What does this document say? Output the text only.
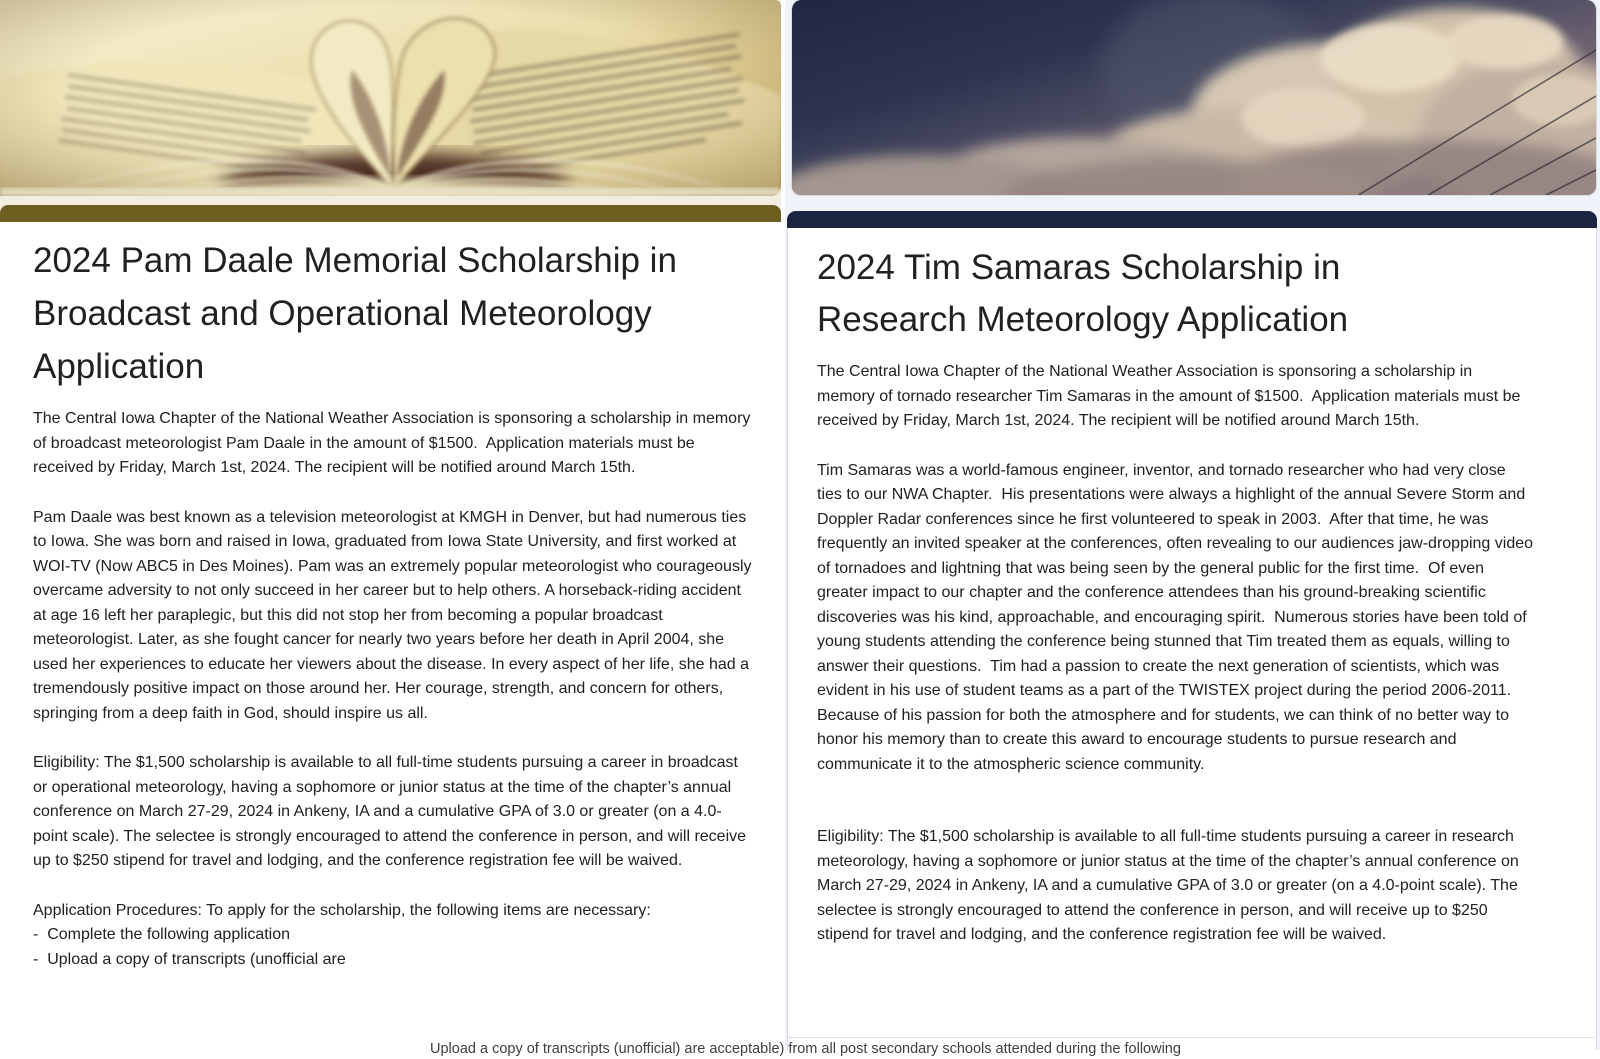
2024 Pam Daale Memorial Scholarship in Broadcast and Operational Meteorology Application

The Central Iowa Chapter of the National Weather Association is sponsoring a scholarship in memory of broadcast meteorologist Pam Daale in the amount of $1500.  Application materials must be received by Friday, March 1st, 2024. The recipient will be notified around March 15th.

Pam Daale was best known as a television meteorologist at KMGH in Denver, but had numerous ties to Iowa. She was born and raised in Iowa, graduated from Iowa State University, and first worked at WOI-TV (Now ABC5 in Des Moines). Pam was an extremely popular meteorologist who courageously overcame adversity to not only succeed in her career but to help others. A horseback-riding accident at age 16 left her paraplegic, but this did not stop her from becoming a popular broadcast meteorologist. Later, as she fought cancer for nearly two years before her death in April 2004, she used her experiences to educate her viewers about the disease. In every aspect of her life, she had a tremendously positive impact on those around her. Her courage, strength, and concern for others, springing from a deep faith in God, should inspire us all.

Eligibility: The $1,500 scholarship is available to all full-time students pursuing a career in broadcast or operational meteorology, having a sophomore or junior status at the time of the chapter’s annual conference on March 27-29, 2024 in Ankeny, IA and a cumulative GPA of 3.0 or greater (on a 4.0-point scale). The selectee is strongly encouraged to attend the conference in person, and will receive up to $250 stipend for travel and lodging, and the conference registration fee will be waived.

Application Procedures: To apply for the scholarship, the following items are necessary:

-  Complete the following application

-  Upload a copy of transcripts (unofficial are

2024 Tim Samaras Scholarship in Research Meteorology Application

The Central Iowa Chapter of the National Weather Association is sponsoring a scholarship in memory of tornado researcher Tim Samaras in the amount of $1500.  Application materials must be received by Friday, March 1st, 2024. The recipient will be notified around March 15th.

Tim Samaras was a world-famous engineer, inventor, and tornado researcher who had very close ties to our NWA Chapter.  His presentations were always a highlight of the annual Severe Storm and Doppler Radar conferences since he first volunteered to speak in 2003.  After that time, he was frequently an invited speaker at the conferences, often revealing to our audiences jaw-dropping video of tornadoes and lightning that was being seen by the general public for the first time.  Of even greater impact to our chapter and the conference attendees than his ground-breaking scientific discoveries was his kind, approachable, and encouraging spirit.  Numerous stories have been told of young students attending the conference being stunned that Tim treated them as equals, willing to answer their questions.  Tim had a passion to create the next generation of scientists, which was evident in his use of student teams as a part of the TWISTEX project during the period 2006-2011.  Because of his passion for both the atmosphere and for students, we can think of no better way to honor his memory than to create this award to encourage students to pursue research and communicate it to the atmospheric science community.

Eligibility: The $1,500 scholarship is available to all full-time students pursuing a career in research meteorology, having a sophomore or junior status at the time of the chapter’s annual conference on March 27-29, 2024 in Ankeny, IA and a cumulative GPA of 3.0 or greater (on a 4.0-point scale). The selectee is strongly encouraged to attend the conference in person, and will receive up to $250 stipend for travel and lodging, and the conference registration fee will be waived.

Upload a copy of transcripts (unofficial) are acceptable) from all post secondary schools attended during the following
